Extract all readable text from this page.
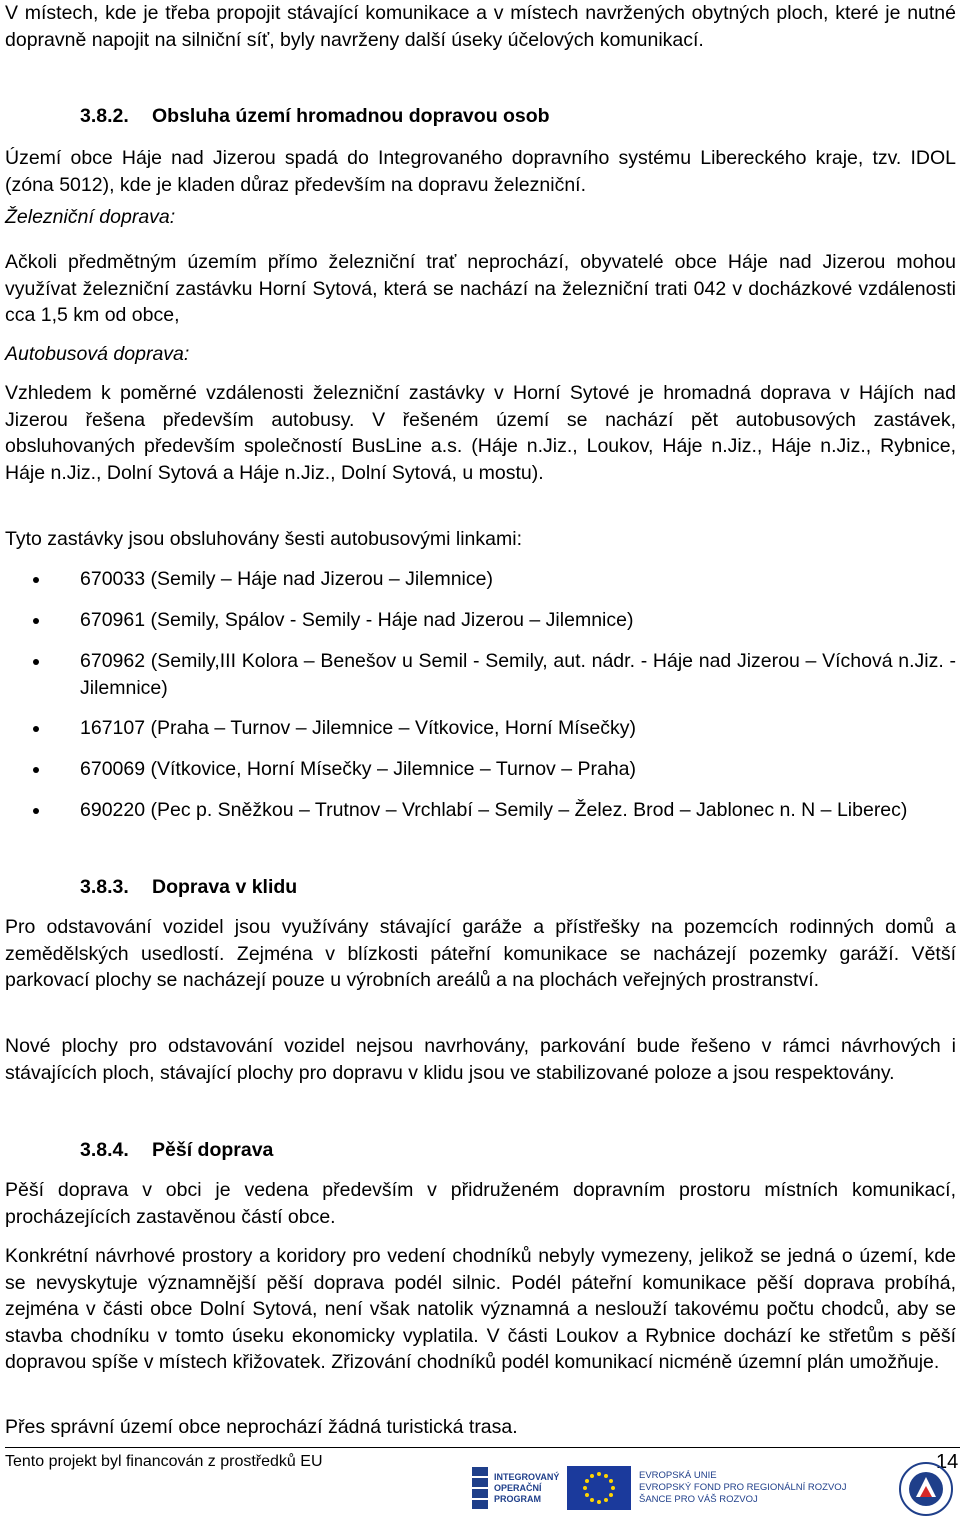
V místech, kde je třeba propojit stávající komunikace a v místech navržených obytných ploch, které je nutné dopravně napojit na silniční síť, byly navrženy další úseky účelových komunikací.

3.8.2. Obsluha území hromadnou dopravou osob

Území obce Háje nad Jizerou spadá do Integrovaného dopravního systému Libereckého kraje, tzv. IDOL (zóna 5012), kde je kladen důraz především na dopravu železniční.

Železniční doprava:

Ačkoli předmětným územím přímo železniční trať neprochází, obyvatelé obce Háje nad Jizerou mohou využívat železniční zastávku Horní Sytová, která se nachází na železniční trati 042 v docházkové vzdálenosti cca 1,5 km od obce,

Autobusová doprava:

Vzhledem k poměrné vzdálenosti železniční zastávky v Horní Sytové je hromadná doprava v Hájích nad Jizerou řešena především autobusy. V řešeném území se nachází pět autobusových zastávek, obsluhovaných především společností BusLine a.s. (Háje n.Jiz., Loukov, Háje n.Jiz., Háje n.Jiz., Rybnice, Háje n.Jiz., Dolní Sytová a Háje n.Jiz., Dolní Sytová, u mostu).

Tyto zastávky jsou obsluhovány šesti autobusovými linkami:

670033 (Semily – Háje nad Jizerou – Jilemnice)
670961 (Semily, Spálov - Semily - Háje nad Jizerou – Jilemnice)
670962 (Semily,III Kolora – Benešov u Semil - Semily, aut. nádr. - Háje nad Jizerou – Víchová n.Jiz. - Jilemnice)
167107 (Praha – Turnov – Jilemnice – Vítkovice, Horní Mísečky)
670069 (Vítkovice, Horní Mísečky – Jilemnice – Turnov – Praha)
690220 (Pec p. Sněžkou – Trutnov – Vrchlabí – Semily – Želez. Brod – Jablonec n. N – Liberec)
3.8.3. Doprava v klidu

Pro odstavování vozidel jsou využívány stávající garáže a přístřešky na pozemcích rodinných domů a zemědělských usedlostí. Zejména v blízkosti páteřní komunikace se nacházejí pozemky garáží. Větší parkovací plochy se nacházejí pouze u výrobních areálů a na plochách veřejných prostranství.

Nové plochy pro odstavování vozidel nejsou navrhovány, parkování bude řešeno v rámci návrhových i stávajících ploch, stávající plochy pro dopravu v klidu jsou ve stabilizované poloze a jsou respektovány.

3.8.4. Pěší doprava

Pěší doprava v obci je vedena především v přidruženém dopravním prostoru místních komunikací, procházejících zastavěnou částí obce.

Konkrétní návrhové prostory a koridory pro vedení chodníků nebyly vymezeny, jelikož se jedná o území, kde se nevyskytuje významnější pěší doprava podél silnic. Podél páteřní komunikace pěší doprava probíhá, zejména v části obce Dolní Sytová, není však natolik významná a neslouží takovému počtu chodců, aby se stavba chodníku v tomto úseku ekonomicky vyplatila. V části Loukov a Rybnice dochází ke střetům s pěší dopravou spíše v místech křižovatek. Zřizování chodníků podél komunikací nicméně územní plán umožňuje.

Přes správní území obce neprochází žádná turistická trasa.

Tento projekt byl financován z prostředků EU	14
INTEGROVANÝ
OPERAČNÍ
PROGRAM
EVROPSKÁ UNIE
EVROPSKÝ FOND PRO REGIONÁLNÍ ROZVOJ
ŠANCE PRO VÁŠ ROZVOJ
